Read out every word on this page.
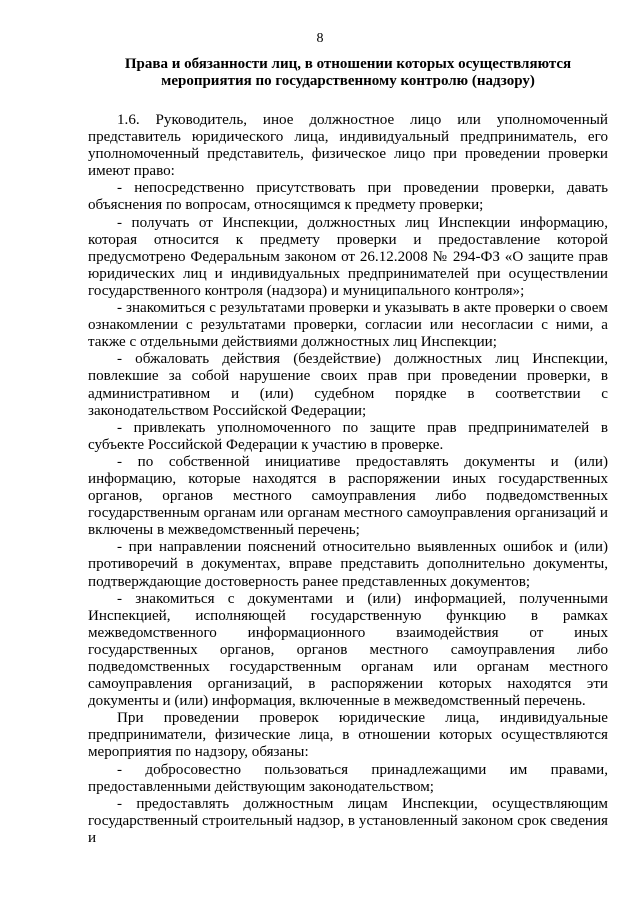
8
Права и обязанности лиц, в отношении которых осуществляются
мероприятия по государственному контролю (надзору)

1.6. Руководитель, иное должностное лицо или уполномоченный представитель юридического лица, индивидуальный предприниматель, его уполномоченный представитель, физическое лицо при проведении проверки имеют право:

- непосредственно присутствовать при проведении проверки, давать объяснения по вопросам, относящимся к предмету проверки;

- получать от Инспекции, должностных лиц Инспекции информацию, которая относится к предмету проверки и предоставление которой предусмотрено Федеральным законом от 26.12.2008 № 294-ФЗ «О защите прав юридических лиц и индивидуальных предпринимателей при осуществлении государственного контроля (надзора) и муниципального контроля»;

- знакомиться с результатами проверки и указывать в акте проверки о своем ознакомлении с результатами проверки, согласии или несогласии с ними, а также с отдельными действиями должностных лиц Инспекции;

- обжаловать действия (бездействие) должностных лиц Инспекции, повлекшие за собой нарушение своих прав при проведении проверки, в административном и (или) судебном порядке в соответствии с законодательством Российской Федерации;

- привлекать уполномоченного по защите прав предпринимателей в субъекте Российской Федерации к участию в проверке.

- по собственной инициативе предоставлять документы и (или) информацию, которые находятся в распоряжении иных государственных органов, органов местного самоуправления либо подведомственных государственным органам или органам местного самоуправления организаций и включены в межведомственный перечень;

- при направлении пояснений относительно выявленных ошибок и (или) противоречий в документах, вправе представить дополнительно документы, подтверждающие достоверность ранее представленных документов;

- знакомиться с документами и (или) информацией, полученными Инспекцией, исполняющей государственную функцию в рамках межведомственного информационного взаимодействия от иных государственных органов, органов местного самоуправления либо подведомственных государственным органам или органам местного самоуправления организаций, в распоряжении которых находятся эти документы и (или) информация, включенные в межведомственный перечень.

При проведении проверок юридические лица, индивидуальные предприниматели, физические лица, в отношении которых осуществляются мероприятия по надзору, обязаны:

- добросовестно пользоваться принадлежащими им правами, предоставленными действующим законодательством;

- предоставлять должностным лицам Инспекции, осуществляющим государственный строительный надзор, в установленный законом срок сведения и
